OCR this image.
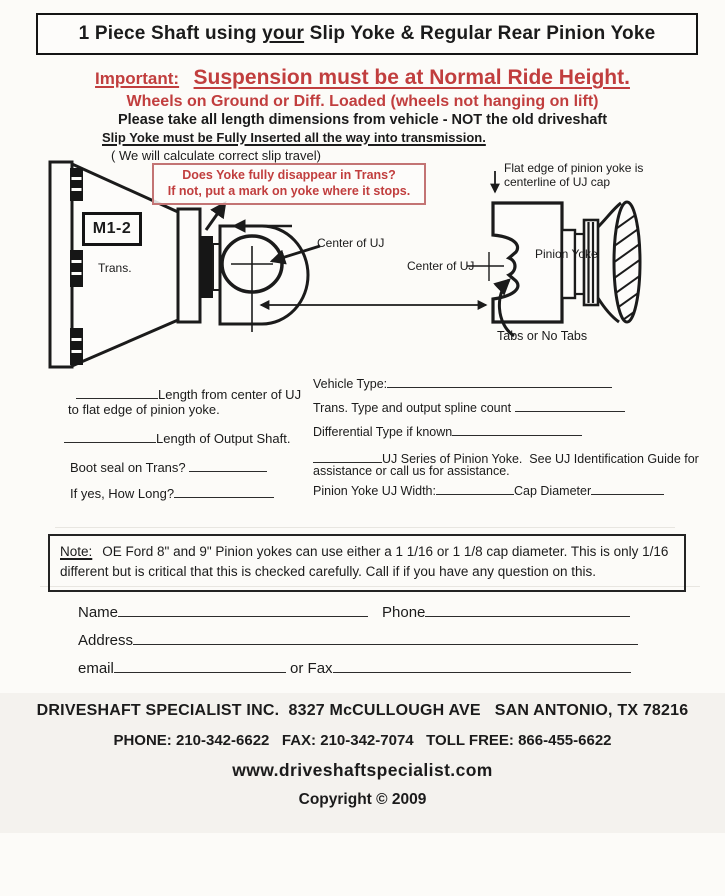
1 Piece Shaft using your Slip Yoke & Regular Rear Pinion Yoke
Important: Suspension must be at Normal Ride Height.
Wheels on Ground or Diff. Loaded (wheels not hanging on lift)
Please take all length dimensions from vehicle - NOT the old driveshaft
Slip Yoke must be Fully Inserted all the way into transmission.
( We will calculate correct slip travel)
Does Yoke fully disappear in Trans?
If not, put a mark on yoke where it stops.
M1-2
Trans.
Center of UJ
Flat edge of pinion yoke is
centerline of UJ cap
Center of UJ
Pinion Yoke
Tabs or No Tabs
Length from center of UJ
to flat edge of pinion yoke.
Length of Output Shaft.
Boot seal on Trans?
If yes, How Long?
Vehicle Type:
Trans. Type and output spline count
Differential Type if known
UJ Series of Pinion Yoke.  See UJ Identification Guide for
assistance or call us for assistance.
Pinion Yoke UJ Width:	Cap Diameter
Note: OE Ford 8" and 9" Pinion yokes can use either a 1 1/16 or 1 1/8 cap diameter. This is only 1/16 different but is critical that this is checked carefully. Call if if you have any question on this.
Name	Phone
Address
email	or Fax
DRIVESHAFT SPECIALIST INC.  8327 McCULLOUGH AVE   SAN ANTONIO, TX 78216
PHONE: 210-342-6622   FAX: 210-342-7074   TOLL FREE: 866-455-6622
www.driveshaftspecialist.com
Copyright © 2009
